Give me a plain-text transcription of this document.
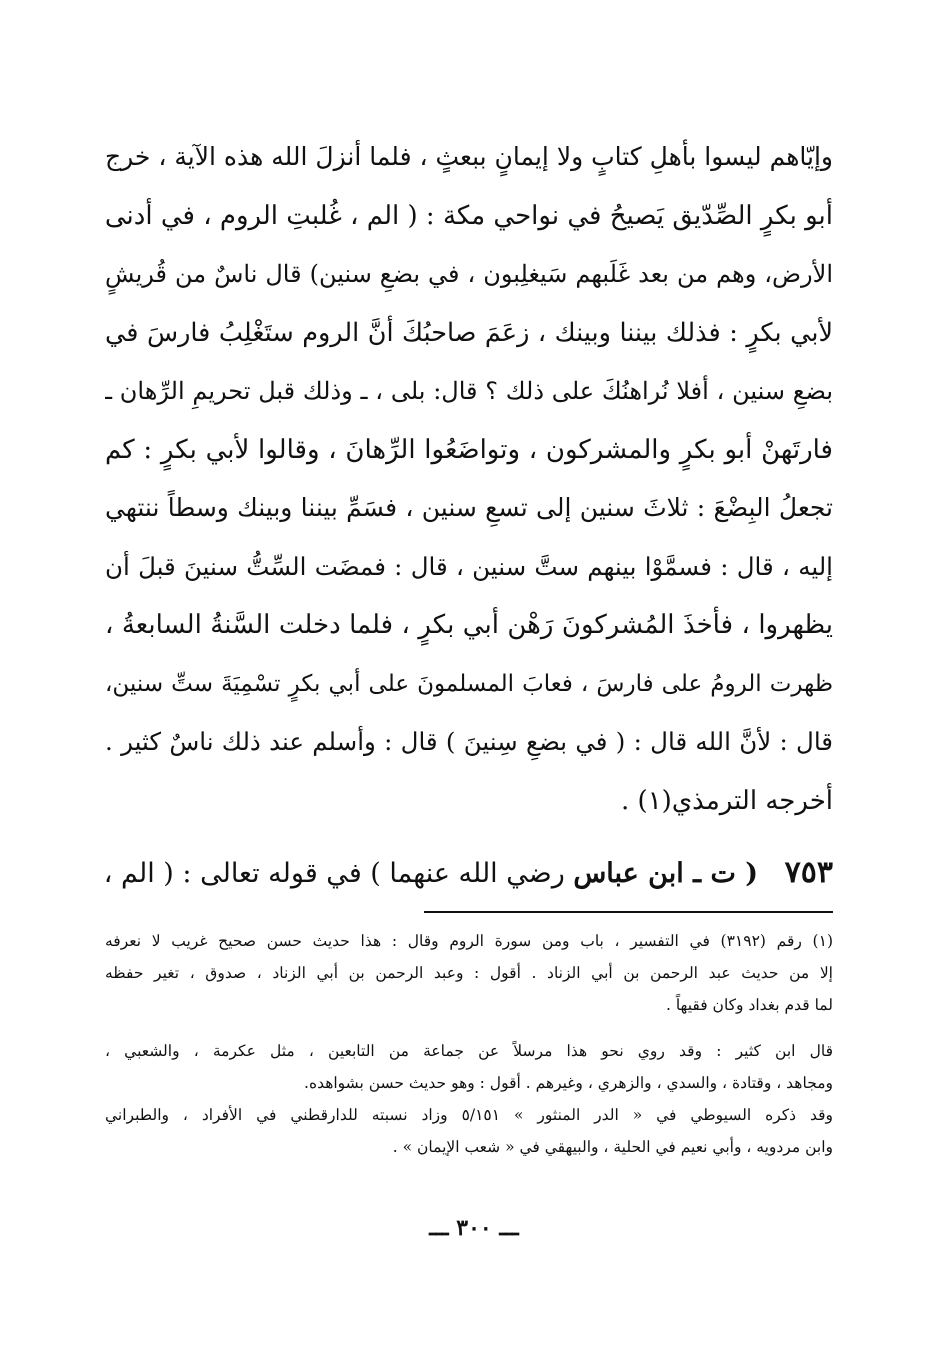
وإيّاهم ليسوا بأهلِ كتابٍ ولا إيمانٍ ببعثٍ ، فلما أنزلَ الله هذه الآية ، خرج
أبو بكرٍ الصِّدّيق يَصيحُ في نواحي مكة : ( الم ، غُلبتِ الروم ، في أدنى
الأرض، وهم من بعد غَلَبهم سَيغلِبون ، في بضعِ سنين) قال ناسٌ من قُريشٍ
لأبي بكرٍ : فذلك بيننا وبينك ، زعَمَ صاحبُكَ أنَّ الروم ستَغْلِبُ فارسَ في
بضعِ سنين ، أفلا نُراهنُكَ على ذلك ؟ قال: بلى ، ـ وذلك قبل تحريمِ الرِّهان ـ
فارتَهنْ أبو بكرٍ والمشركون ، وتواضَعُوا الرِّهانَ ، وقالوا لأبي بكرٍ : كم
تجعلُ البِضْعَ : ثلاثَ سنين إلى تسعِ سنين ، فسَمِّ بيننا وبينك وسطاً ننتهي
إليه ، قال : فسمَّوْا بينهم ستَّ سنين ، قال : فمضَت السِّتُّ سنينَ قبلَ أن
يظهروا ، فأخذَ المُشركونَ رَهْن أبي بكرٍ ، فلما دخلت السَّنةُ السابعةُ ،
ظهرت الرومُ على فارسَ ، فعابَ المسلمونَ على أبي بكرٍ تسْمِيَةَ ستِّ سنين،
قال : لأنَّ الله قال : ( في بضعِ سِنينَ ) قال : وأسلم عند ذلك ناسٌ كثير .
أخرجه الترمذي(١) .
٧٥٣ ( ت ـ ابن عباس رضي الله عنهما ) في قوله تعالى : ( الم ،
(١) رقم (٣١٩٢) في التفسير ، باب ومن سورة الروم وقال : هذا حديث حسن صحيح غريب لا نعرفه
إلا من حديث عبد الرحمن بن أبي الزناد . أقول : وعبد الرحمن بن أبي الزناد ، صدوق ، تغير حفظه
لما قدم بغداد وكان فقيهاً .
قال ابن كثير : وقد روي نحو هذا مرسلاً عن جماعة من التابعين ، مثل عكرمة ، والشعبي ،
ومجاهد ، وقتادة ، والسدي ، والزهري ، وغيرهم . أقول : وهو حديث حسن بشواهده.
وقد ذكره السيوطي في « الدر المنثور » ٥/١٥١ وزاد نسبته للدارقطني في الأفراد ، والطبراني
وابن مردويه ، وأبي نعيم في الحلية ، والبيهقي في « شعب الإيمان » .
ـــ ٣٠٠ ـــ
